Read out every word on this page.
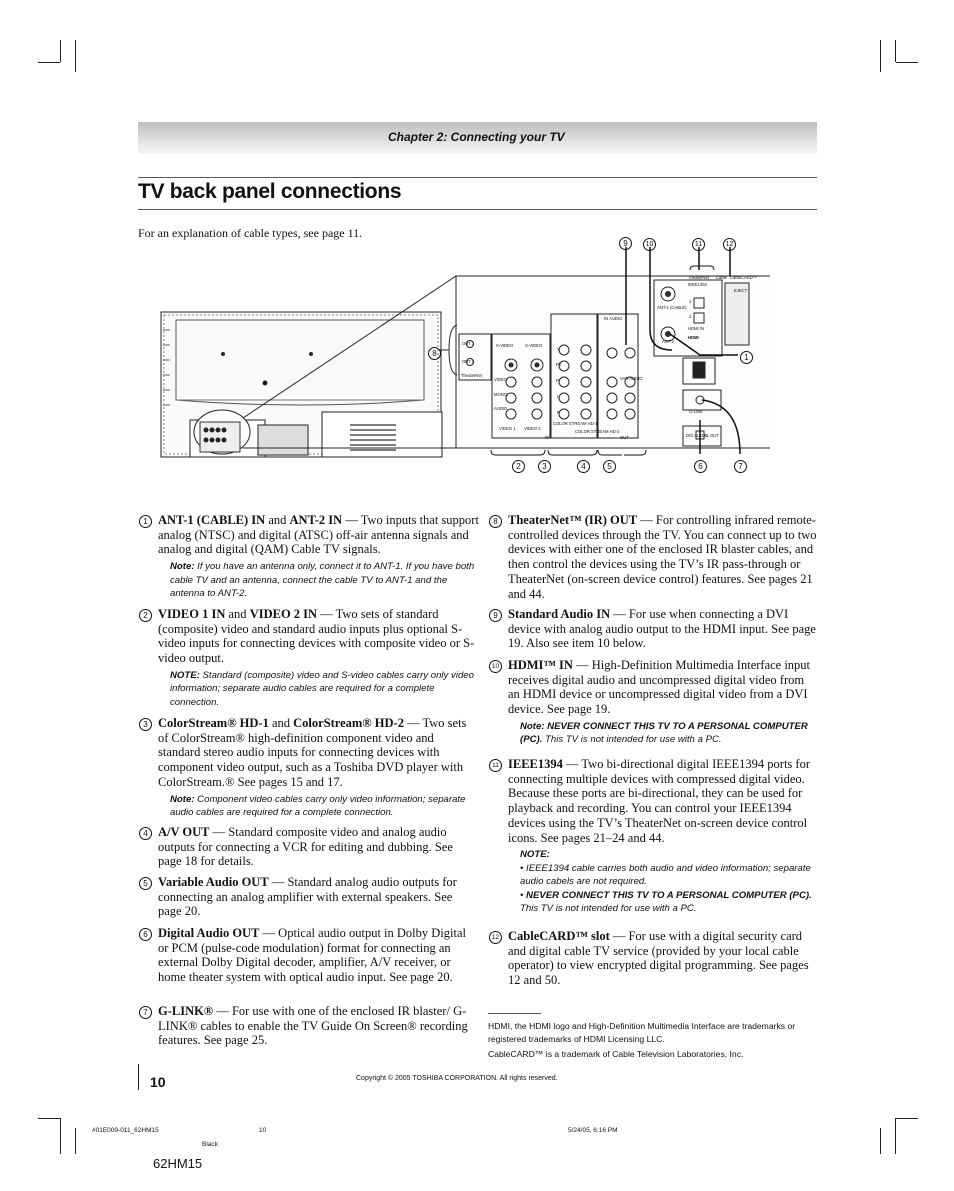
Chapter 2: Connecting your TV
TV back panel connections
For an explanation of cable types, see page 11.
TheaterNet
IEEE1394
Cable CableCARD™
EJECT
ANT-1 (CABLE)
ANT-2
HDMI IN
HDMI
1
2
IN AUDIO
OUT 1
OUT 2
TheaterNet
S-VIDEO	S-VIDEO
VIDEO
MONO
AUDIO
VIDEO 1 VIDEO 2
COLOR STREAM HD-1
Pb
Pr
Y
L
R
COLOR STREAM HD-2
IN	OUT
VAR AUDIO
G-LINK
DIG AUDIO
AL OUT
9	10	11	12
8	1
2	3	4	5	6	7
1 ANT-1 (CABLE) IN and ANT-2 IN — Two inputs that support analog (NTSC) and digital (ATSC) off-air antenna signals and analog and digital (QAM) Cable TV signals.
Note: If you have an antenna only, connect it to ANT-1. If you have both cable TV and an antenna, connect the cable TV to ANT-1 and the antenna to ANT-2.
2 VIDEO 1 IN and VIDEO 2 IN — Two sets of standard (composite) video and standard audio inputs plus optional S-video inputs for connecting devices with composite video or S-video output.
NOTE: Standard (composite) video and S-video cables carry only video information; separate audio cables are required for a complete connection.
3 ColorStream® HD-1 and ColorStream® HD-2 — Two sets of ColorStream® high-definition component video and standard stereo audio inputs for connecting devices with component video output, such as a Toshiba DVD player with ColorStream.® See pages 15 and 17.
Note: Component video cables carry only video information; separate audio cables are required for a complete connection.
4 A/V OUT — Standard composite video and analog audio outputs for connecting a VCR for editing and dubbing. See page 18 for details.
5 Variable Audio OUT — Standard analog audio outputs for connecting an analog amplifier with external speakers. See page 20.
6 Digital Audio OUT — Optical audio output in Dolby Digital or PCM (pulse-code modulation) format for connecting an external Dolby Digital decoder, amplifier, A/V receiver, or home theater system with optical audio input. See page 20.
7 G-LINK® — For use with one of the enclosed IR blaster/ G-LINK® cables to enable the TV Guide On Screen® recording features. See page 25.
8 TheaterNet™ (IR) OUT — For controlling infrared remote-controlled devices through the TV. You can connect up to two devices with either one of the enclosed IR blaster cables, and then control the devices using the TV’s IR pass-through or TheaterNet (on-screen device control) features. See pages 21 and 44.
9 Standard Audio IN — For use when connecting a DVI device with analog audio output to the HDMI input. See page 19. Also see item 10 below.
10 HDMI™ IN — High-Definition Multimedia Interface input receives digital audio and uncompressed digital video from an HDMI device or uncompressed digital video from a DVI device. See page 19.
Note: NEVER CONNECT THIS TV TO A PERSONAL COMPUTER (PC). This TV is not intended for use with a PC.
11 IEEE1394 — Two bi-directional digital IEEE1394 ports for connecting multiple devices with compressed digital video. Because these ports are bi-directional, they can be used for playback and recording. You can control your IEEE1394 devices using the TV’s TheaterNet on-screen device control icons. See pages 21–24 and 44.
NOTE:
• IEEE1394 cable carries both audio and video information; separate audio cabels are not required.
• NEVER CONNECT THIS TV TO A PERSONAL COMPUTER (PC). This TV is not intended for use with a PC.
12 CableCARD™ slot — For use with a digital security card and digital cable TV service (provided by your local cable operator) to view encrypted digital programming. See pages 12 and 50.
HDMI, the HDMI logo and High-Definition Multimedia Interface are trademarks or registered trademarks of HDMI Licensing LLC.
CableCARD™ is a trademark of Cable Television Laboratories, Inc.
10	Copyright © 2005 TOSHIBA CORPORATION. All rights reserved.
#01E009-011_62HM15	10	5/24/05, 6:16 PM
Black
62HM15
